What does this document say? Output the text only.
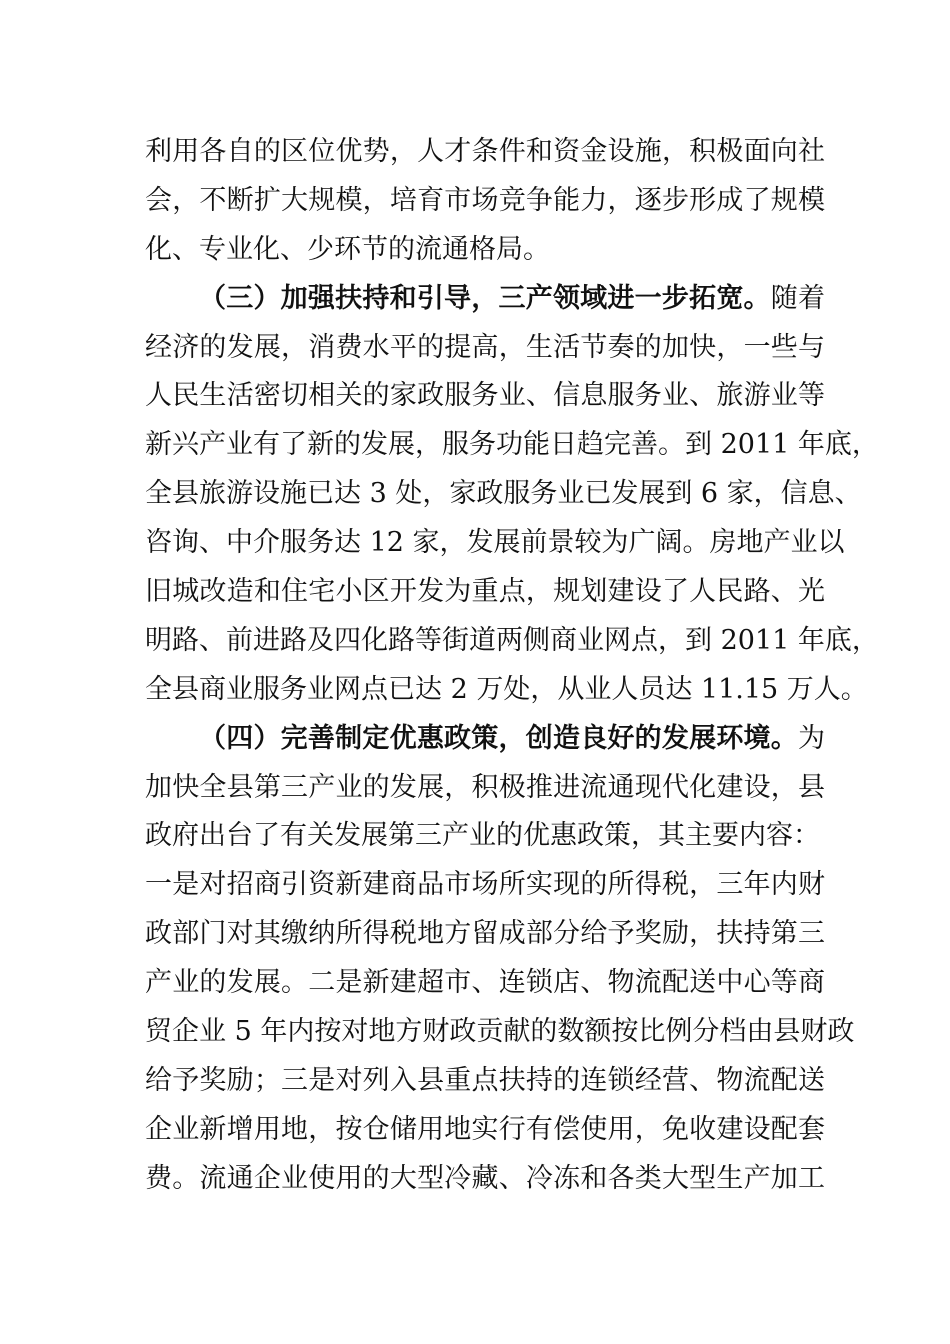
利用各自的区位优势，人才条件和资金设施，积极面向社
会，不断扩大规模，培育市场竞争能力，逐步形成了规模
化、专业化、少环节的流通格局。
（三）加强扶持和引导，三产领域进一步拓宽。随着
经济的发展，消费水平的提高，生活节奏的加快，一些与
人民生活密切相关的家政服务业、信息服务业、旅游业等
新兴产业有了新的发展，服务功能日趋完善。到 2011 年底，
全县旅游设施已达 3 处，家政服务业已发展到 6 家，信息、
咨询、中介服务达 12 家，发展前景较为广阔。房地产业以
旧城改造和住宅小区开发为重点，规划建设了人民路、光
明路、前进路及四化路等街道两侧商业网点，到 2011 年底，
全县商业服务业网点已达 2 万处，从业人员达 11.15 万人。
（四）完善制定优惠政策，创造良好的发展环境。为
加快全县第三产业的发展，积极推进流通现代化建设，县
政府出台了有关发展第三产业的优惠政策，其主要内容：
一是对招商引资新建商品市场所实现的所得税，三年内财
政部门对其缴纳所得税地方留成部分给予奖励，扶持第三
产业的发展。二是新建超市、连锁店、物流配送中心等商
贸企业 5 年内按对地方财政贡献的数额按比例分档由县财政
给予奖励；三是对列入县重点扶持的连锁经营、物流配送
企业新增用地，按仓储用地实行有偿使用，免收建设配套
费。流通企业使用的大型冷藏、冷冻和各类大型生产加工
